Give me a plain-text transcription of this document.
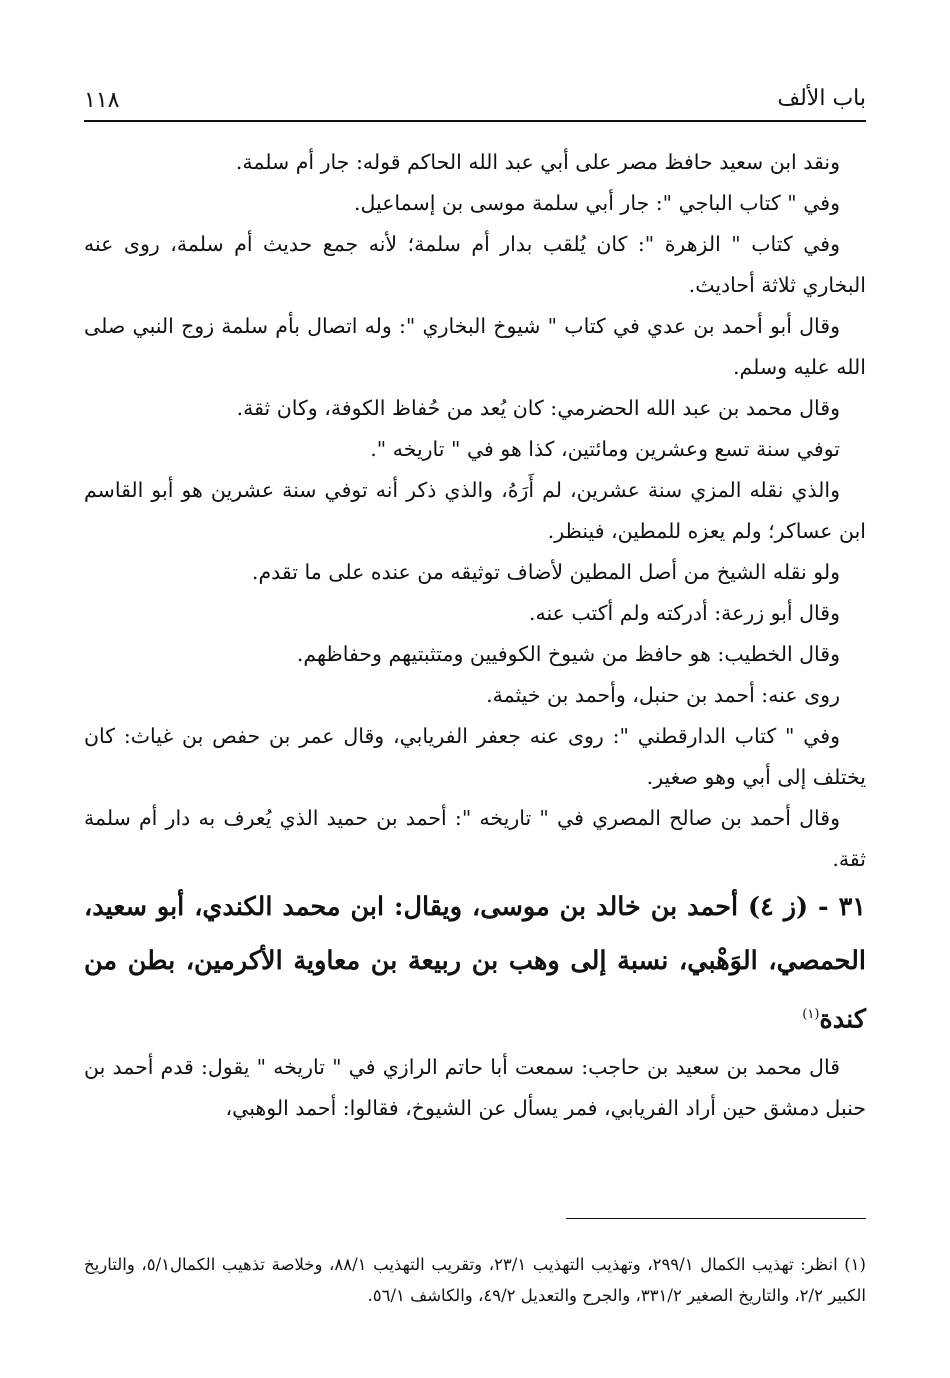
١١٨	باب الألف

ونقد ابن سعيد حافظ مصر على أبي عبد الله الحاكم قوله: جار أم سلمة.

وفي " كتاب الباجي ": جار أبي سلمة موسى بن إسماعيل.

وفي كتاب " الزهرة ": كان يُلقب بدار أم سلمة؛ لأنه جمع حديث أم سلمة، روى عنه البخاري ثلاثة أحاديث.

وقال أبو أحمد بن عدي في كتاب " شيوخ البخاري ": وله اتصال بأم سلمة زوج النبي صلى الله عليه وسلم.

وقال محمد بن عبد الله الحضرمي: كان يُعد من حُفاظ الكوفة، وكان ثقة.

توفي سنة تسع وعشرين ومائتين، كذا هو في " تاريخه ".

والذي نقله المزي سنة عشرين، لم أَرَهُ، والذي ذكر أنه توفي سنة عشرين هو أبو القاسم ابن عساكر؛ ولم يعزه للمطين، فينظر.

ولو نقله الشيخ من أصل المطين لأضاف توثيقه من عنده على ما تقدم.

وقال أبو زرعة: أدركته ولم أكتب عنه.

وقال الخطيب: هو حافظ من شيوخ الكوفيين ومتثبتيهم وحفاظهم.

روى عنه: أحمد بن حنبل، وأحمد بن خيثمة.

وفي " كتاب الدارقطني ": روى عنه جعفر الفريابي، وقال عمر بن حفص بن غياث: كان يختلف إلى أبي وهو صغير.

وقال أحمد بن صالح المصري في " تاريخه ": أحمد بن حميد الذي يُعرف به دار أم سلمة ثقة.

٣١ - (ز ٤) أحمد بن خالد بن موسى، ويقال: ابن محمد الكندي، أبو سعيد، الحمصي، الوَهْبي، نسبة إلى وهب بن ربيعة بن معاوية الأكرمين، بطن من كندة$^{(١)}$

قال محمد بن سعيد بن حاجب: سمعت أبا حاتم الرازي في " تاريخه " يقول: قدم أحمد بن حنبل دمشق حين أراد الفريابي، فمر يسأل عن الشيوخ، فقالوا: أحمد الوهبي،

(١) انظر: تهذيب الكمال ٢٩٩/١، وتهذيب التهذيب ٢٣/١، وتقريب التهذيب ٨٨/١، وخلاصة تذهيب الكمال٥/١، والتاريخ الكبير ٢/٢، والتاريخ الصغير ٣٣١/٢، والجرح والتعديل ٤٩/٢، والكاشف ٥٦/١.
